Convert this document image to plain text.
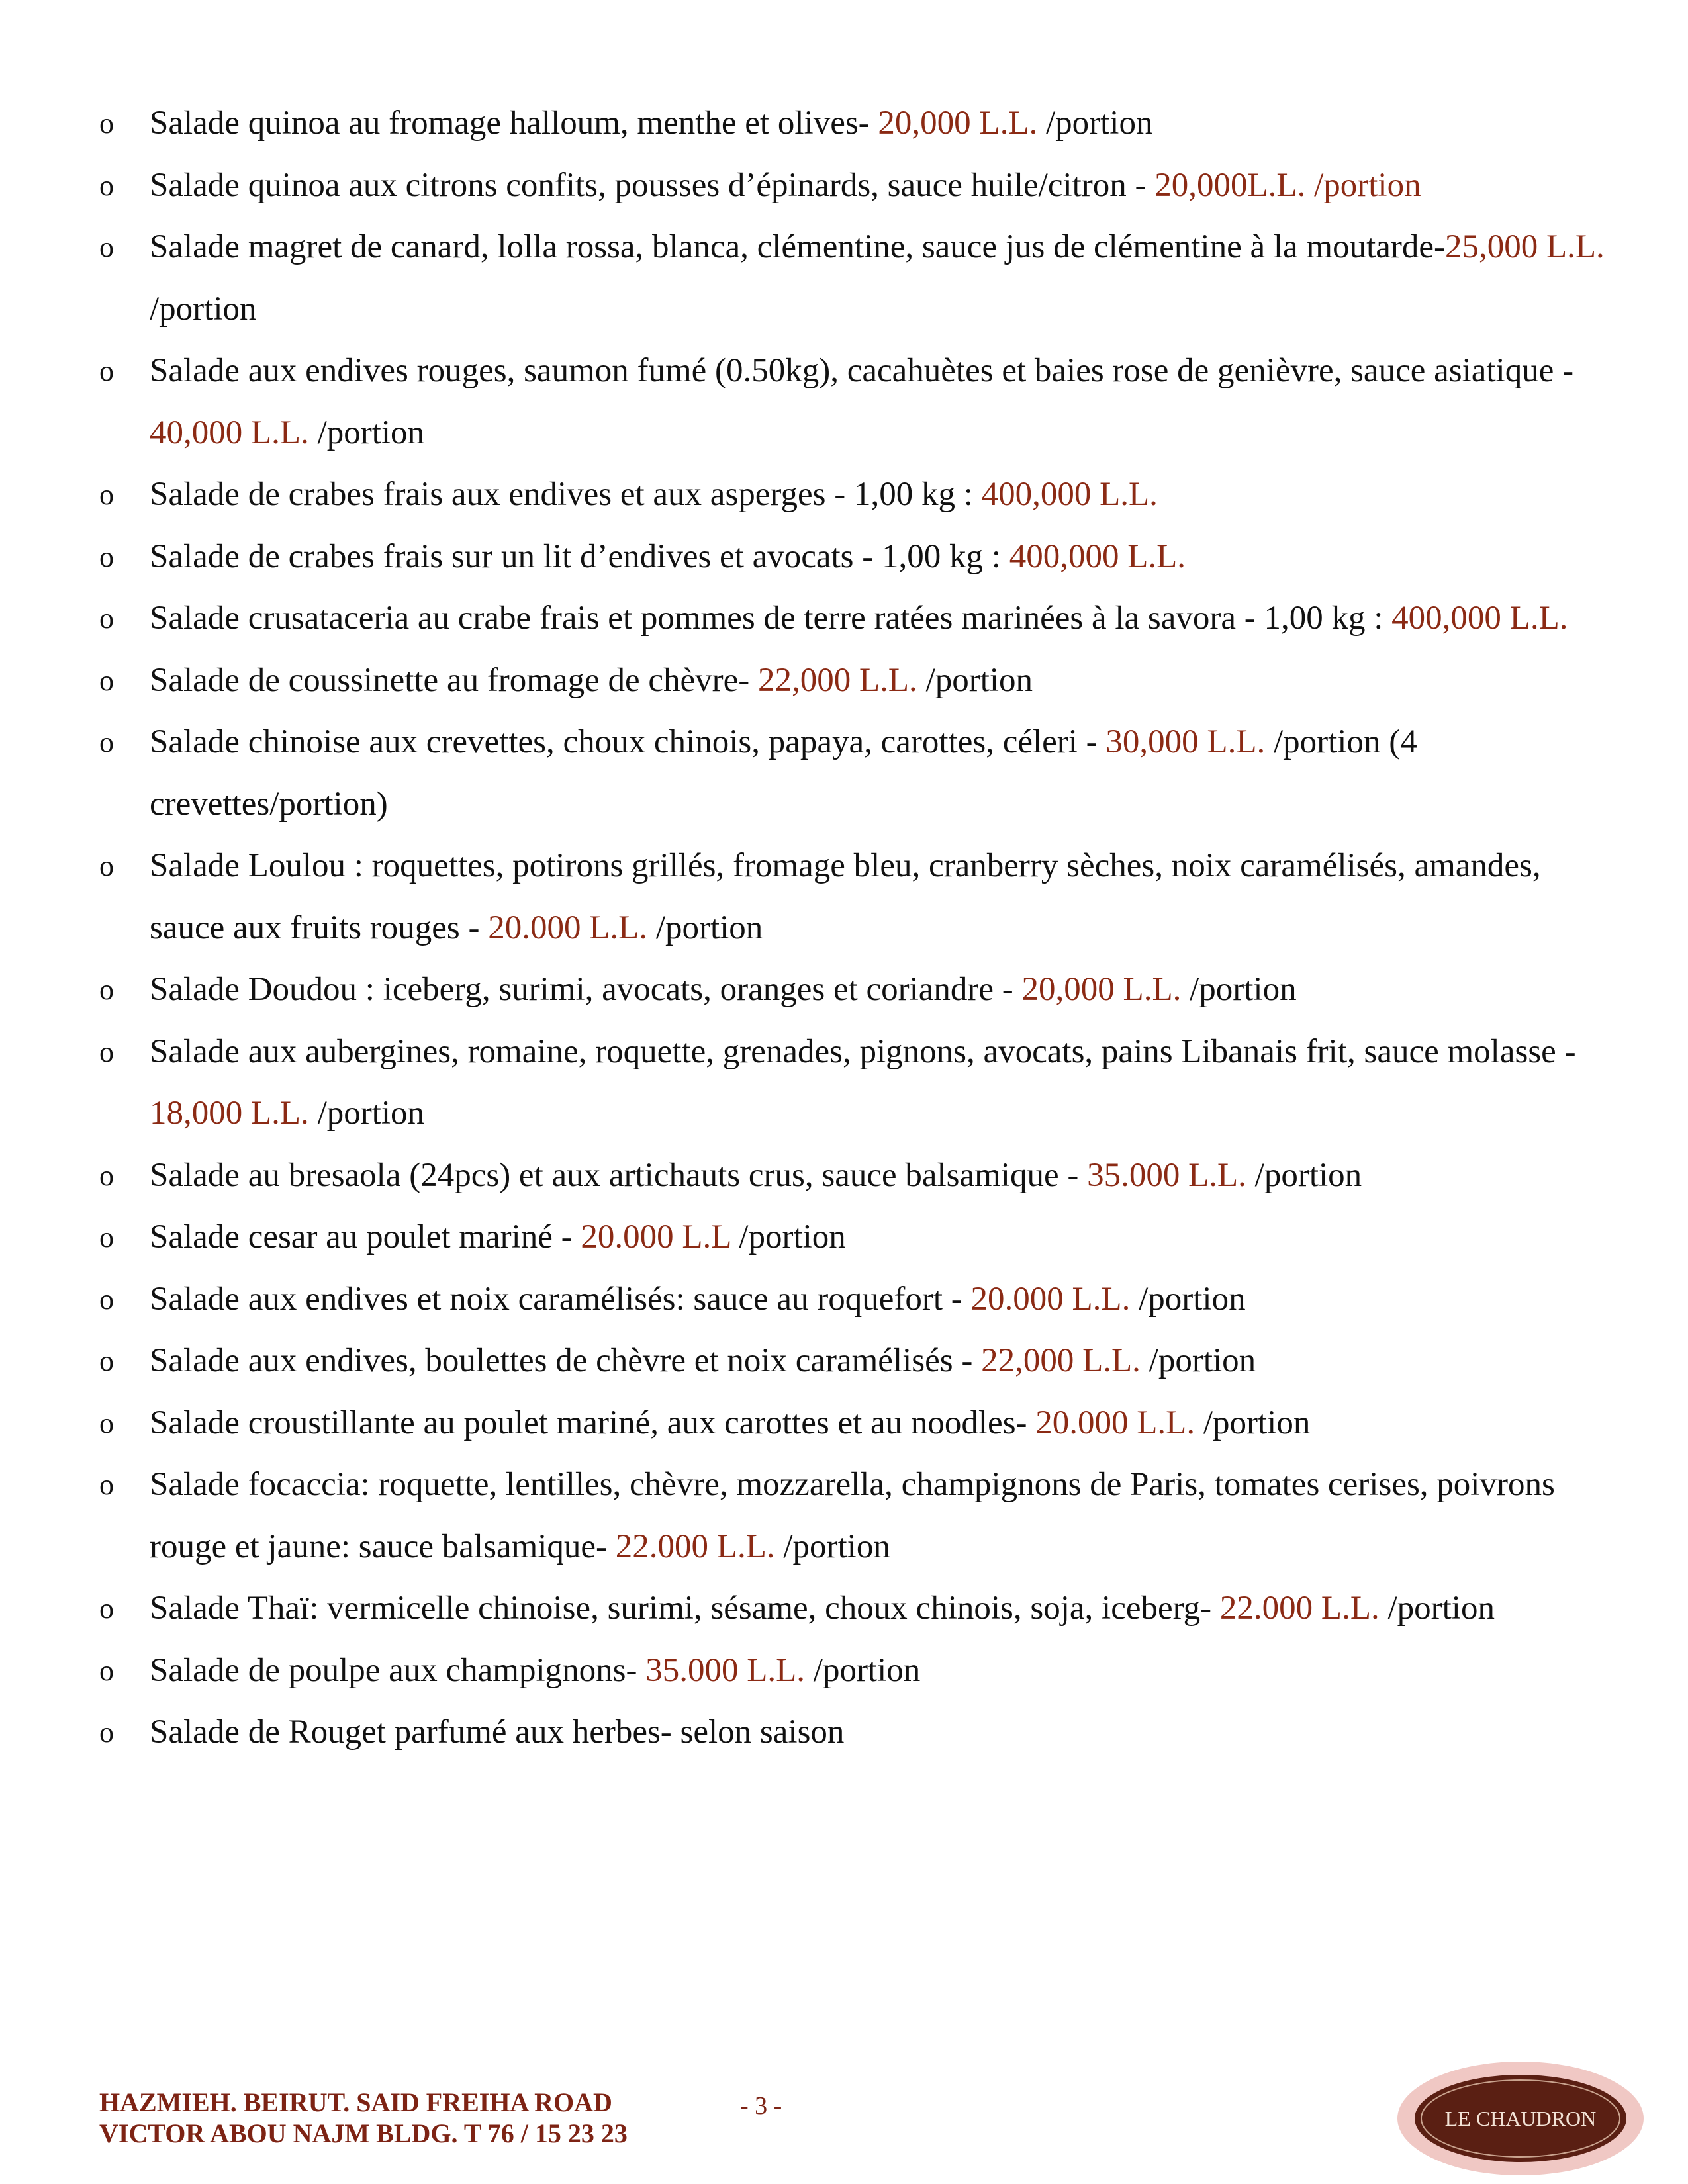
o Salade quinoa au fromage halloum, menthe et olives- 20,000 L.L. /portion
o Salade quinoa aux citrons confits, pousses d’épinards, sauce huile/citron - 20,000L.L. /portion
o Salade magret de canard, lolla rossa, blanca, clémentine, sauce jus de clémentine à la moutarde-25,000 L.L. /portion
o Salade aux endives rouges, saumon fumé (0.50kg), cacahuètes et baies rose de genièvre, sauce asiatique - 40,000 L.L. /portion
o Salade de crabes frais aux endives et aux asperges - 1,00 kg : 400,000 L.L.
o Salade de crabes frais sur un lit d’endives et avocats - 1,00 kg : 400,000 L.L.
o Salade crusataceria au crabe frais et pommes de terre ratées marinées à la savora - 1,00 kg : 400,000 L.L.
o Salade de coussinette au fromage de chèvre- 22,000 L.L. /portion
o Salade chinoise aux crevettes, choux chinois, papaya, carottes, céleri - 30,000 L.L. /portion (4 crevettes/portion)
o Salade Loulou : roquettes, potirons grillés, fromage bleu, cranberry sèches, noix caramélisés, amandes, sauce aux fruits rouges - 20.000 L.L. /portion
o Salade Doudou : iceberg, surimi, avocats, oranges et coriandre - 20,000 L.L. /portion
o Salade aux aubergines, romaine, roquette, grenades, pignons, avocats, pains Libanais frit, sauce molasse - 18,000 L.L. /portion
o Salade au bresaola (24pcs) et aux artichauts crus, sauce balsamique - 35.000 L.L. /portion
o Salade cesar au poulet mariné - 20.000 L.L /portion
o Salade aux endives et noix caramélisés: sauce au roquefort - 20.000 L.L. /portion
o Salade aux endives, boulettes de chèvre et noix caramélisés - 22,000 L.L. /portion
o Salade croustillante au poulet mariné, aux carottes et au noodles- 20.000 L.L. /portion
o Salade focaccia: roquette, lentilles, chèvre, mozzarella, champignons de Paris, tomates cerises, poivrons rouge et jaune: sauce balsamique- 22.000 L.L. /portion
o Salade Thaï: vermicelle chinoise, surimi, sésame, choux chinois, soja, iceberg- 22.000 L.L. /portion
o Salade de poulpe aux champignons- 35.000 L.L. /portion
o Salade de Rouget parfumé aux herbes- selon saison
HAZMIEH. BEIRUT. SAID FREIHA ROAD
VICTOR ABOU NAJM BLDG. T 76 / 15 23 23
- 3 -	LE CHAUDRON
